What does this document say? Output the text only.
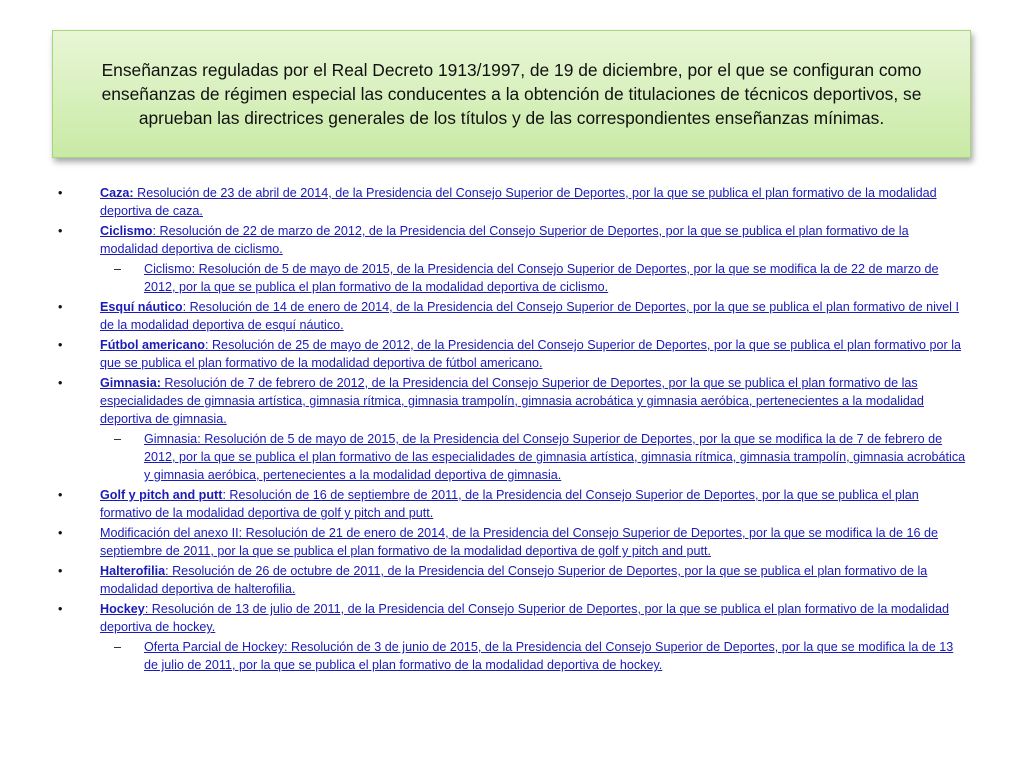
Enseñanzas reguladas por el Real Decreto 1913/1997, de 19 de diciembre, por el que se configuran como enseñanzas de régimen especial las conducentes a la obtención de titulaciones de técnicos deportivos, se aprueban las directrices generales de los títulos y de las correspondientes enseñanzas mínimas.
•	Caza: Resolución de 23 de abril de 2014, de la Presidencia del Consejo Superior de Deportes, por la que se publica el plan formativo de la modalidad deportiva de caza.
•	Ciclismo: Resolución de 22 de marzo de 2012, de la Presidencia del Consejo Superior de Deportes, por la que se publica el plan formativo de la modalidad deportiva de ciclismo.
– Ciclismo: Resolución de 5 de mayo de 2015, de la Presidencia del Consejo Superior de Deportes, por la que se modifica la de 22 de marzo de 2012, por la que se publica el plan formativo de la modalidad deportiva de ciclismo.
•	Esquí náutico: Resolución de 14 de enero de 2014, de la Presidencia del Consejo Superior de Deportes, por la que se publica el plan formativo de nivel I de la modalidad deportiva de esquí náutico.
•	Fútbol americano: Resolución de 25 de mayo de 2012, de la Presidencia del Consejo Superior de Deportes, por la que se publica el plan formativo por la que se publica el plan formativo de la modalidad deportiva de fútbol americano.
•	Gimnasia: Resolución de 7 de febrero de 2012, de la Presidencia del Consejo Superior de Deportes, por la que se publica el plan formativo de las especialidades de gimnasia artística, gimnasia rítmica, gimnasia trampolín, gimnasia acrobática y gimnasia aeróbica, pertenecientes a la modalidad deportiva de gimnasia.
– Gimnasia: Resolución de 5 de mayo de 2015, de la Presidencia del Consejo Superior de Deportes, por la que se modifica la de 7 de febrero de 2012, por la que se publica el plan formativo de las especialidades de gimnasia artística, gimnasia rítmica, gimnasia trampolín, gimnasia acrobática y gimnasia aeróbica, pertenecientes a la modalidad deportiva de gimnasia.
•	Golf y pitch and putt: Resolución de 16 de septiembre de 2011, de la Presidencia del Consejo Superior de Deportes, por la que se publica el plan formativo de la modalidad deportiva de golf y pitch and putt.
•	Modificación del anexo II: Resolución de 21 de enero de 2014, de la Presidencia del Consejo Superior de Deportes, por la que se modifica la de 16 de septiembre de 2011, por la que se publica el plan formativo de la modalidad deportiva de golf y pitch and putt.
•	Halterofilia: Resolución de 26 de octubre de 2011, de la Presidencia del Consejo Superior de Deportes, por la que se publica el plan formativo de la modalidad deportiva de halterofilia.
•	Hockey: Resolución de 13 de julio de 2011, de la Presidencia del Consejo Superior de Deportes, por la que se publica el plan formativo de la modalidad deportiva de hockey.
– Oferta Parcial de Hockey: Resolución de 3 de junio de 2015, de la Presidencia del Consejo Superior de Deportes, por la que se modifica la de 13 de julio de 2011, por la que se publica el plan formativo de la modalidad deportiva de hockey.
